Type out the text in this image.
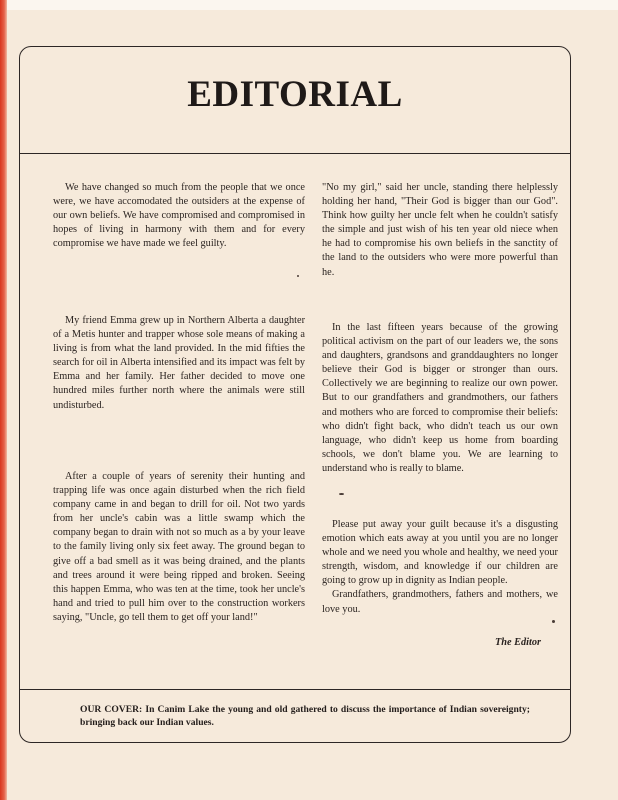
EDITORIAL

We have changed so much from the people that we once were, we have accomodated the outsiders at the expense of our own beliefs. We have compromised and compromised in hopes of living in harmony with them and for every compromise we have made we feel guilty.

My friend Emma grew up in Northern Alberta a daughter of a Metis hunter and trapper whose sole means of making a living is from what the land provided. In the mid fifties the search for oil in Alberta intensified and its impact was felt by Emma and her family. Her father decided to move one hundred miles further north where the animals were still undisturbed.

After a couple of years of serenity their hunting and trapping life was once again disturbed when the rich field company came in and began to drill for oil. Not two yards from her uncle's cabin was a little swamp which the company began to drain with not so much as a by your leave to the family living only six feet away. The ground began to give off a bad smell as it was being drained, and the plants and trees around it were being ripped and broken. Seeing this happen Emma, who was ten at the time, took her uncle's hand and tried to pull him over to the construction workers saying, "Uncle, go tell them to get off your land!"

"No my girl," said her uncle, standing there helplessly holding her hand, "Their God is bigger than our God". Think how guilty her uncle felt when he couldn't satisfy the simple and just wish of his ten year old niece when he had to compromise his own beliefs in the sanctity of the land to the outsiders who were more powerful than he.

In the last fifteen years because of the growing political activism on the part of our leaders we, the sons and daughters, grandsons and granddaughters no longer believe their God is bigger or stronger than ours. Collectively we are beginning to realize our own power. But to our grandfathers and grandmothers, our fathers and mothers who are forced to compromise their beliefs: who didn't fight back, who didn't teach us our own language, who didn't keep us home from boarding schools, we don't blame you. We are learning to understand who is really to blame.

Please put away your guilt because it's a disgusting emotion which eats away at you until you are no longer whole and we need you whole and healthy, we need your strength, wisdom, and knowledge if our children are going to grow up in dignity as Indian people.

Grandfathers, grandmothers, fathers and mothers, we love you.

The Editor
OUR COVER: In Canim Lake the young and old gathered to discuss the importance of Indian sovereignty; bringing back our Indian values.
